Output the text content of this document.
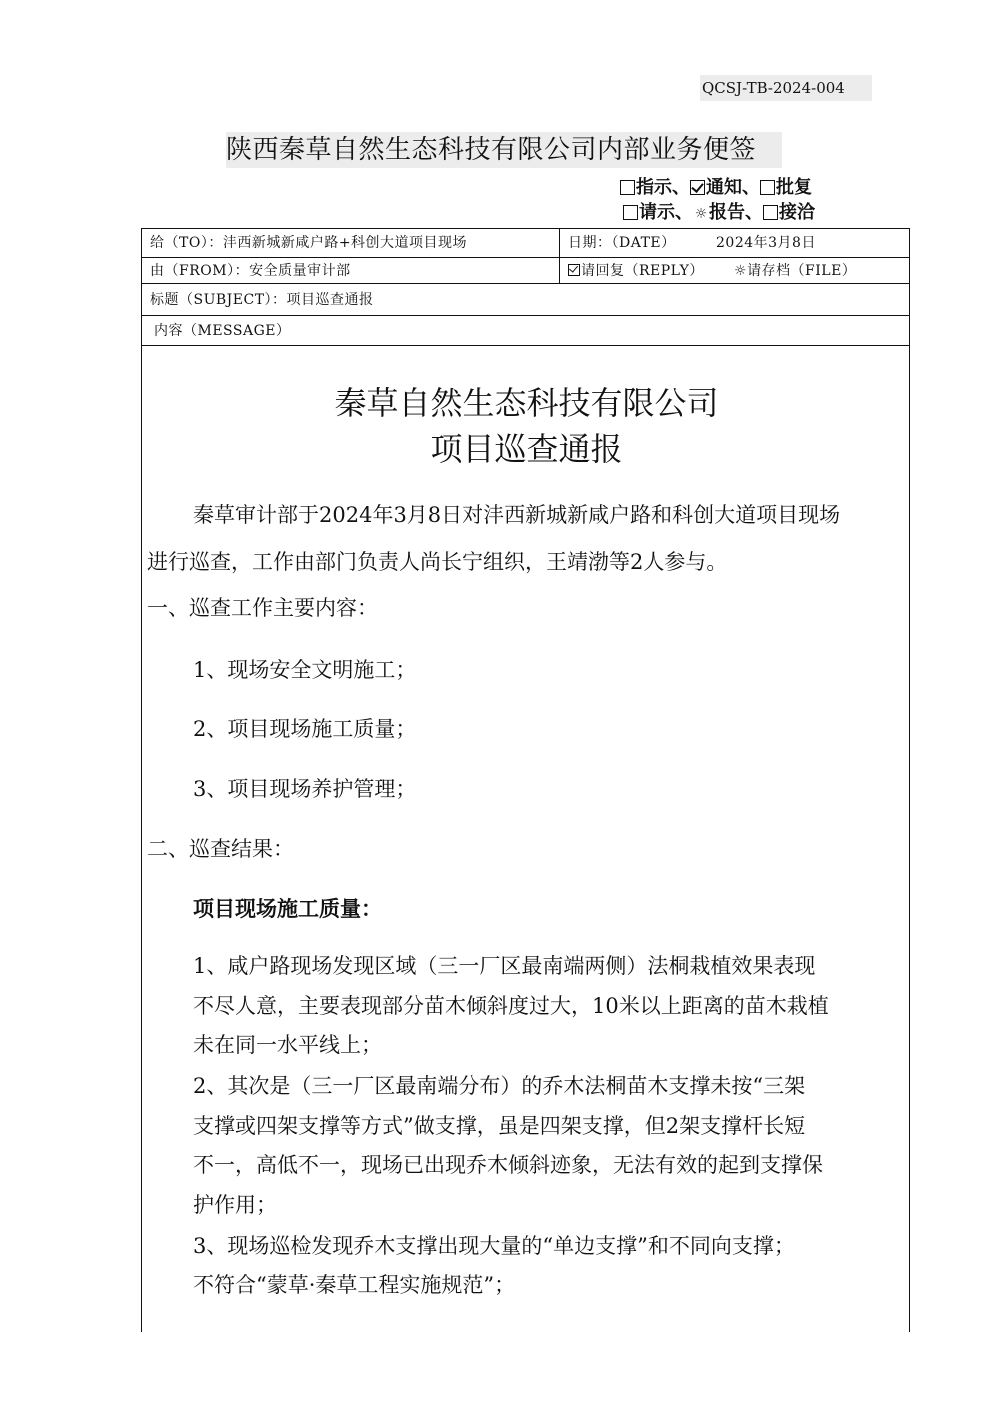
QCSJ-TB-2024-004
陕西秦草自然生态科技有限公司内部业务便签
指示、 通知、 批复
请示、 ☼报告、 接洽
给（TO）：沣西新城新咸户路+科创大道项目现场	日期：（DATE）	2024年3月8日
由（FROM）：安全质量审计部	请回复（REPLY） ☼请存档（FILE）
标题（SUBJECT）：项目巡查通报
内容（MESSAGE）
秦草自然生态科技有限公司
项目巡查通报
秦草审计部于2024年3月8日对沣西新城新咸户路和科创大道项目现场
进行巡查，工作由部门负责人尚长宁组织，王靖渤等2人参与。
一、巡查工作主要内容：
1、现场安全文明施工；
2、项目现场施工质量；
3、项目现场养护管理；
二、巡查结果：
项目现场施工质量：
1、咸户路现场发现区域（三一厂区最南端两侧）法桐栽植效果表现
不尽人意，主要表现部分苗木倾斜度过大，10米以上距离的苗木栽植
未在同一水平线上；
2、其次是（三一厂区最南端分布）的乔木法桐苗木支撑未按“三架
支撑或四架支撑等方式”做支撑，虽是四架支撑，但2架支撑杆长短
不一，高低不一，现场已出现乔木倾斜迹象，无法有效的起到支撑保
护作用；
3、现场巡检发现乔木支撑出现大量的“单边支撑”和不同向支撑；
不符合“蒙草·秦草工程实施规范”；
